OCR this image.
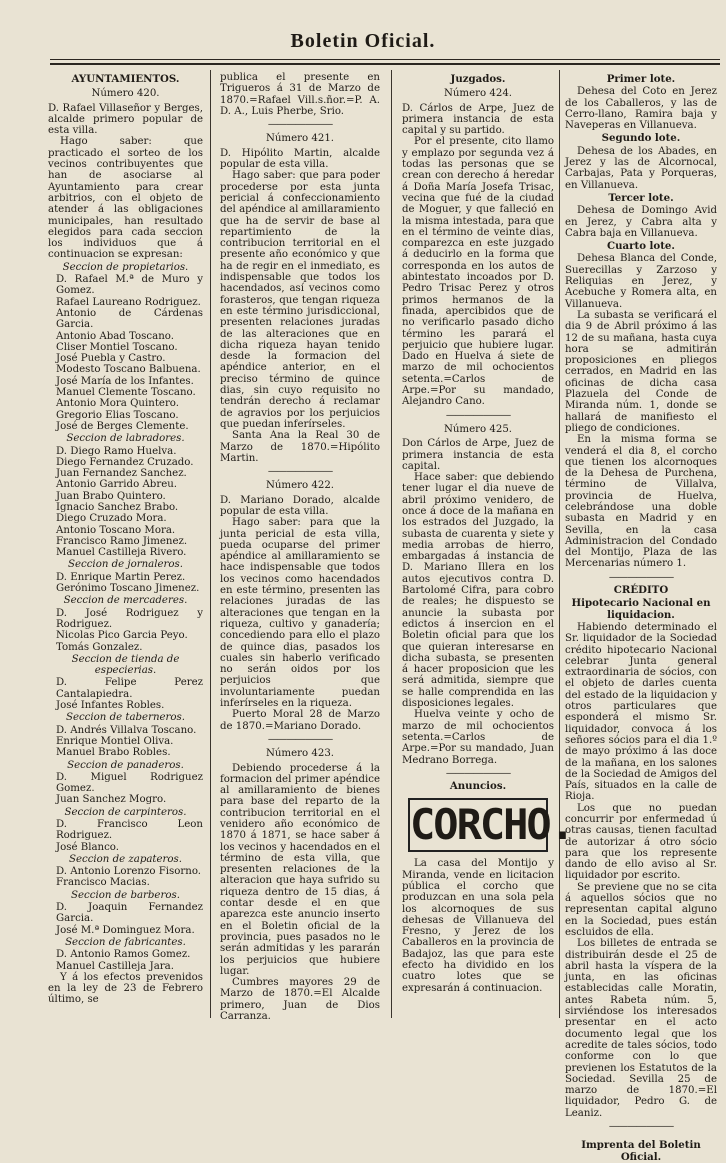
Boletin Oficial.

AYUNTAMIENTOS.

Número 420.

D. Rafael Villaseñor y Berges, alcalde primero popular de esta villa.

Hago saber: que practicado el sorteo de los vecinos contribuyentes que han de asociarse al Ayuntamiento para crear arbitrios, con el objeto de atender á las obligaciones municipales, han resultado elegidos para cada seccion los individuos que á continuacion se expresan:

Seccion de propietarios.

D. Rafael M.ª de Muro y Gomez.

Rafael Laureano Rodriguez.

Antonio de Cárdenas Garcia.

Antonio Abad Toscano.

Cliser Montiel Toscano.

José Puebla y Castro.

Modesto Toscano Balbuena.

José María de los Infantes.

Manuel Clemente Toscano.

Antonio Mora Quintero.

Gregorio Elias Toscano.

José de Berges Clemente.

Seccion de labradores.

D. Diego Ramo Huelva.

Diego Fernandez Cruzado.

Juan Fernandez Sanchez.

Antonio Garrido Abreu.

Juan Brabo Quintero.

Ignacio Sanchez Brabo.

Diego Cruzado Mora.

Antonio Toscano Mora.

Francisco Ramo Jimenez.

Manuel Castilleja Rivero.

Seccion de jornaleros.

D. Enrique Martin Perez.

Gerónimo Toscano Jimenez.

Seccion de mercaderes.

D. José Rodriguez y Rodriguez.

Nicolas Pico Garcia Peyo.

Tomás Gonzalez.

Seccion de tienda de especierias.

D. Felipe Perez Cantalapiedra.

José Infantes Robles.

Seccion de taberneros.

D. Andrés Villalva Toscano.

Enrique Montiel Oliva.

Manuel Brabo Robles.

Seccion de panaderos.

D. Miguel Rodriguez Gomez.

Juan Sanchez Mogro.

Seccion de carpinteros.

D. Francisco Leon Rodriguez.

José Blanco.

Seccion de zapateros.

D. Antonio Lorenzo Fisorno.

Francisco Macias.

Seccion de barberos.

D. Joaquin Fernandez Garcia.

José M.ª Dominguez Mora.

Seccion de fabricantes.

D. Antonio Ramos Gomez.

Manuel Castilleja Jara.

Y á los efectos prevenidos en la ley de 23 de Febrero último, se

publica el presente en Trigueros á 31 de Marzo de 1870.=Rafael Vill.s.ñor.=P. A. D. A., Luis Pherbe, Srio.

———————

Número 421.

D. Hipólito Martin, alcalde popular de esta villa.

Hago saber: que para poder procederse por esta junta pericial á confeccionamiento del apéndice al amillaramiento que ha de servir de base al repartimiento de la contribucion territorial en el presente año económico y que ha de regir en el inmediato, es indispensable que todos los hacendados, así vecinos como forasteros, que tengan riqueza en este término jurisdiccional, presenten relaciones juradas de las alteraciones que en dicha riqueza hayan tenido desde la formacion del apéndice anterior, en el preciso término de quince dias, sin cuyo requisito no tendrán derecho á reclamar de agravios por los perjuicios que puedan inferírseles.

Santa Ana la Real 30 de Marzo de 1870.=Hipólito Martin.

———————

Número 422.

D. Mariano Dorado, alcalde popular de esta villa.

Hago saber: para que la junta pericial de esta villa, pueda ocuparse del primer apéndice al amillaramiento se hace indispensable que todos los vecinos como hacendados en este término, presenten las relaciones juradas de las alteraciones que tengan en la riqueza, cultivo y ganadería; concediendo para ello el plazo de quince dias, pasados los cuales sin haberlo verificado no serán oidos por los perjuicios que involuntariamente puedan inferírseles en la riqueza.

Puerto Moral 28 de Marzo de 1870.=Mariano Dorado.

———————

Número 423.

Debiendo procederse á la formacion del primer apéndice al amillaramiento de bienes para base del reparto de la contribucion territorial en el venidero año económico de 1870 á 1871, se hace saber á los vecinos y hacendados en el término de esta villa, que presenten relaciones de la alteracion que haya sufrido su riqueza dentro de 15 dias, á contar desde el en que aparezca este anuncio inserto en el Boletin oficial de la provincia, pues pasados no le serán admitidas y les pararán los perjuicios que hubiere lugar.

Cumbres mayores 29 de Marzo de 1870.=El Alcalde primero, Juan de Dios Carranza.

Juzgados.

Número 424.

D. Cárlos de Arpe, Juez de primera instancia de esta capital y su partido.

Por el presente, cito llamo y emplazo por segunda vez á todas las personas que se crean con derecho á heredar á Doña María Josefa Trisac, vecina que fué de la ciudad de Moguer, y que falleció en la misma intestada, para que en el término de veinte dias, comparezca en este juzgado á deducirlo en la forma que corresponda en los autos de abintestato incoados por D. Pedro Trisac Perez y otros primos hermanos de la finada, apercibidos que de no verificarlo pasado dicho término les parará el perjuicio que hubiere lugar. Dado en Huelva á siete de marzo de mil ochocientos setenta.=Carlos de Arpe.=Por su mandado, Alejandro Cano.

———————

Número 425.

Don Cárlos de Arpe, Juez de primera instancia de esta capital.

Hace saber: que debiendo tener lugar el dia nueve de abril próximo venidero, de once á doce de la mañana en los estrados del Juzgado, la subasta de cuarenta y siete y media arrobas de hierro, embargadas á instancia de D. Mariano Illera en los autos ejecutivos contra D. Bartolomé Cifra, para cobro de reales; he dispuesto se anuncie la subasta por edictos á insercion en el Boletin oficial para que los que quieran interesarse en dicha subasta, se presenten á hacer proposicion que les será admitida, siempre que se halle comprendida en las disposiciones legales.

Huelva veinte y ocho de marzo de mil ochocientos setenta.=Carlos de Arpe.=Por su mandado, Juan Medrano Borrega.

———————

Anuncios.

CORCHO.

La casa del Montijo y Miranda, vende en licitacion pública el corcho que produzcan en una sola pela los alcornoques de sus dehesas de Villanueva del Fresno, y Jerez de los Caballeros en la provincia de Badajoz, las que para este efecto ha dividido en los cuatro lotes que se expresarán á continuacion.

Primer lote.

Dehesa del Coto en Jerez de los Caballeros, y las de Cerro-llano, Ramira baja y Naveperas en Villanueva.

Segundo lote.

Dehesa de los Abades, en Jerez y las de Alcornocal, Carbajas, Pata y Porqueras, en Villanueva.

Tercer lote.

Dehesa de Domingo Avid en Jerez, y Cabra alta y Cabra baja en Villanueva.

Cuarto lote.

Dehesa Blanca del Conde, Suerecillas y Zarzoso y Reliquias en Jerez, y Acebuche y Romera alta, en Villanueva.

La subasta se verificará el dia 9 de Abril próximo á las 12 de su mañana, hasta cuya hora se admitirán proposiciones en pliegos cerrados, en Madrid en las oficinas de dicha casa Plazuela del Conde de Miranda núm. 1, donde se hallará de manifiesto el pliego de condiciones.

En la misma forma se venderá el dia 8, el corcho que tienen los alcornoques de la Dehesa de Purchena, término de Villalva, provincia de Huelva, celebrándose una doble subasta en Madrid y en Sevilla, en la casa Administracion del Condado del Montijo, Plaza de las Mercenarias número 1.

———————

CRÉDITO

Hipotecario Nacional en liquidacion.

Habiendo determinado el Sr. liquidador de la Sociedad crédito hipotecario Nacional celebrar Junta general extraordinaria de sócios, con el objeto de darles cuenta del estado de la liquidacion y otros particulares que esponderá el mismo Sr. liquidador, convoca á los señores sócios para el dia 1.º de mayo próximo á las doce de la mañana, en los salones de la Sociedad de Amigos del País, situados en la calle de Rioja.

Los que no puedan concurrir por enfermedad ú otras causas, tienen facultad de autorizar á otro sócio para que los represente dando de ello aviso al Sr. liquidador por escrito.

Se previene que no se cita á aquellos sócios que no representan capital alguno en la Sociedad, pues están escluidos de ella.

Los billetes de entrada se distribuirán desde el 25 de abril hasta la víspera de la junta, en las oficinas establecidas calle Moratin, antes Rabeta núm. 5, sirviéndose los interesados presentar en el acto documento legal que los acredite de tales sócios, todo conforme con lo que previenen los Estatutos de la Sociedad. Sevilla 25 de marzo de 1870.=El liquidador, Pedro G. de Leaniz.

———————

Imprenta del Boletin Oficial.
